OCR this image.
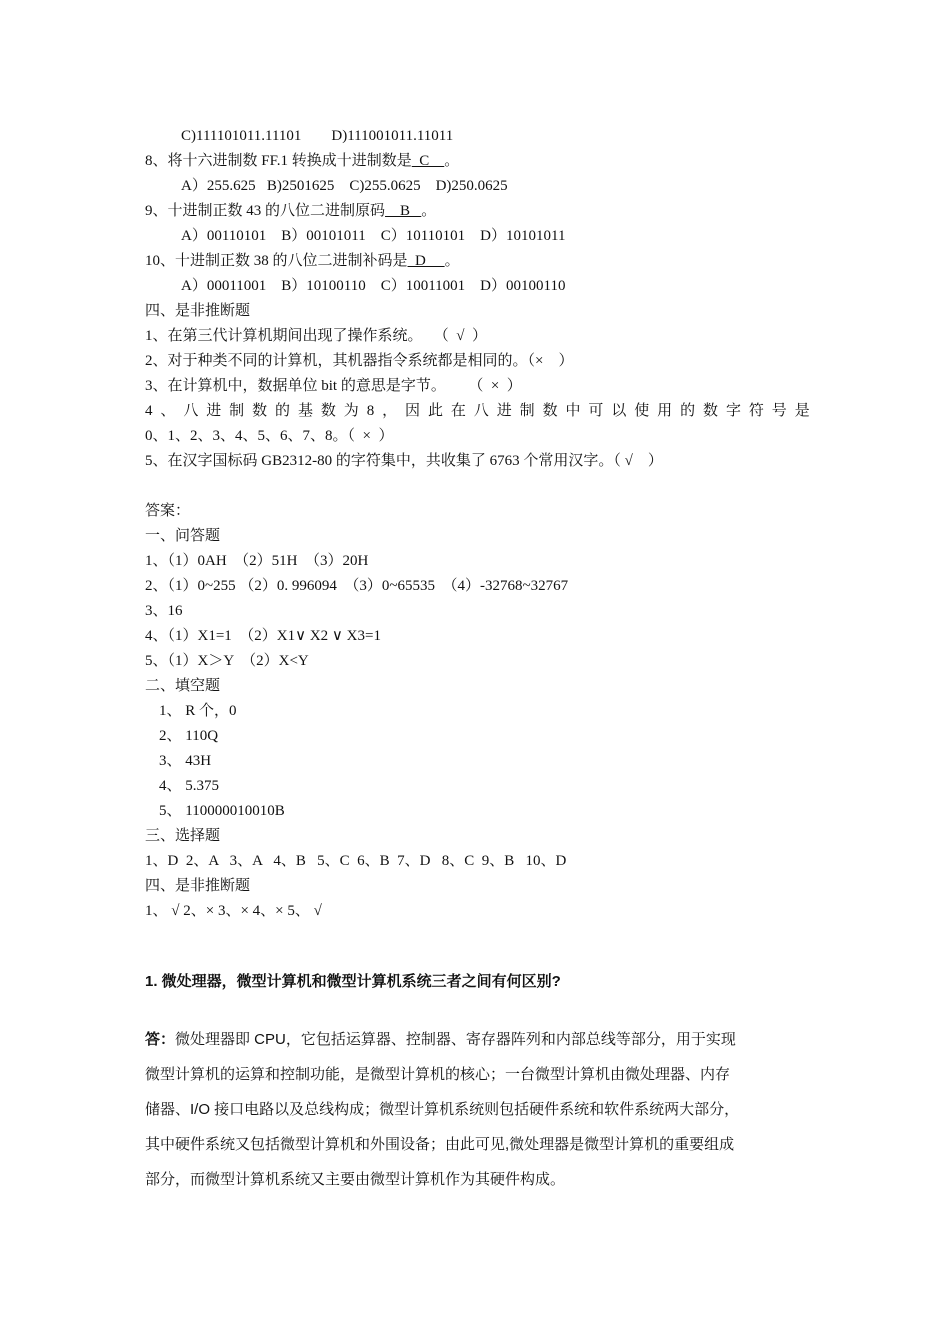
C)111101011.11101        D)111001011.11011
8、将十六进制数 FF.1 转换成十进制数是  C    。
A）255.625   B)2501625    C)255.0625    D)250.0625
9、十进制正数 43 的八位二进制原码    B   。
A）00110101    B）00101011    C）10110101    D）10101011
10、十进制正数 38 的八位二进制补码是  D     。
A）00011001    B）10100110    C）10011001    D）00100110
四、是非推断题
1、在第三代计算机期间出现了操作系统。   （  √  ）
2、对于种类不同的计算机，其机器指令系统都是相同的。（×    ）
3、在计算机中，数据单位 bit 的意思是字节。      （  ×  ）
4 、 八 进 制 数 的 基 数 为 8 ， 因 此 在 八 进 制 数 中 可 以 使 用 的 数 字 符 号 是
0、1、2、3、4、5、6、7、8。（  ×  ）
5、在汉字国标码 GB2312-80 的字符集中，共收集了 6763 个常用汉字。（ √    ）
答案：
一、问答题
1、（1）0AH  （2）51H  （3）20H
2、（1）0~255 （2）0. 996094  （3）0~65535  （4）-32768~32767
3、16
4、（1）X1=1  （2）X1∨ X2 ∨ X3=1
5、（1）X＞Y  （2）X<Y
二、填空题
1、 R 个，0
2、 110Q
3、 43H
4、 5.375
5、 110000010010B
三、选择题
1、D  2、A   3、A   4、B   5、C  6、B  7、D   8、C  9、B   10、D
四、是非推断题
1、 √ 2、× 3、× 4、× 5、 √
1. 微处理器，微型计算机和微型计算机系统三者之间有何区别?
答：微处理器即 CPU，它包括运算器、控制器、寄存器阵列和内部总线等部分，用于实现
微型计算机的运算和控制功能，是微型计算机的核心；一台微型计算机由微处理器、内存
储器、I/O 接口电路以及总线构成；微型计算机系统则包括硬件系统和软件系统两大部分，
其中硬件系统又包括微型计算机和外围设备；由此可见,微处理器是微型计算机的重要组成
部分，而微型计算机系统又主要由微型计算机作为其硬件构成。
